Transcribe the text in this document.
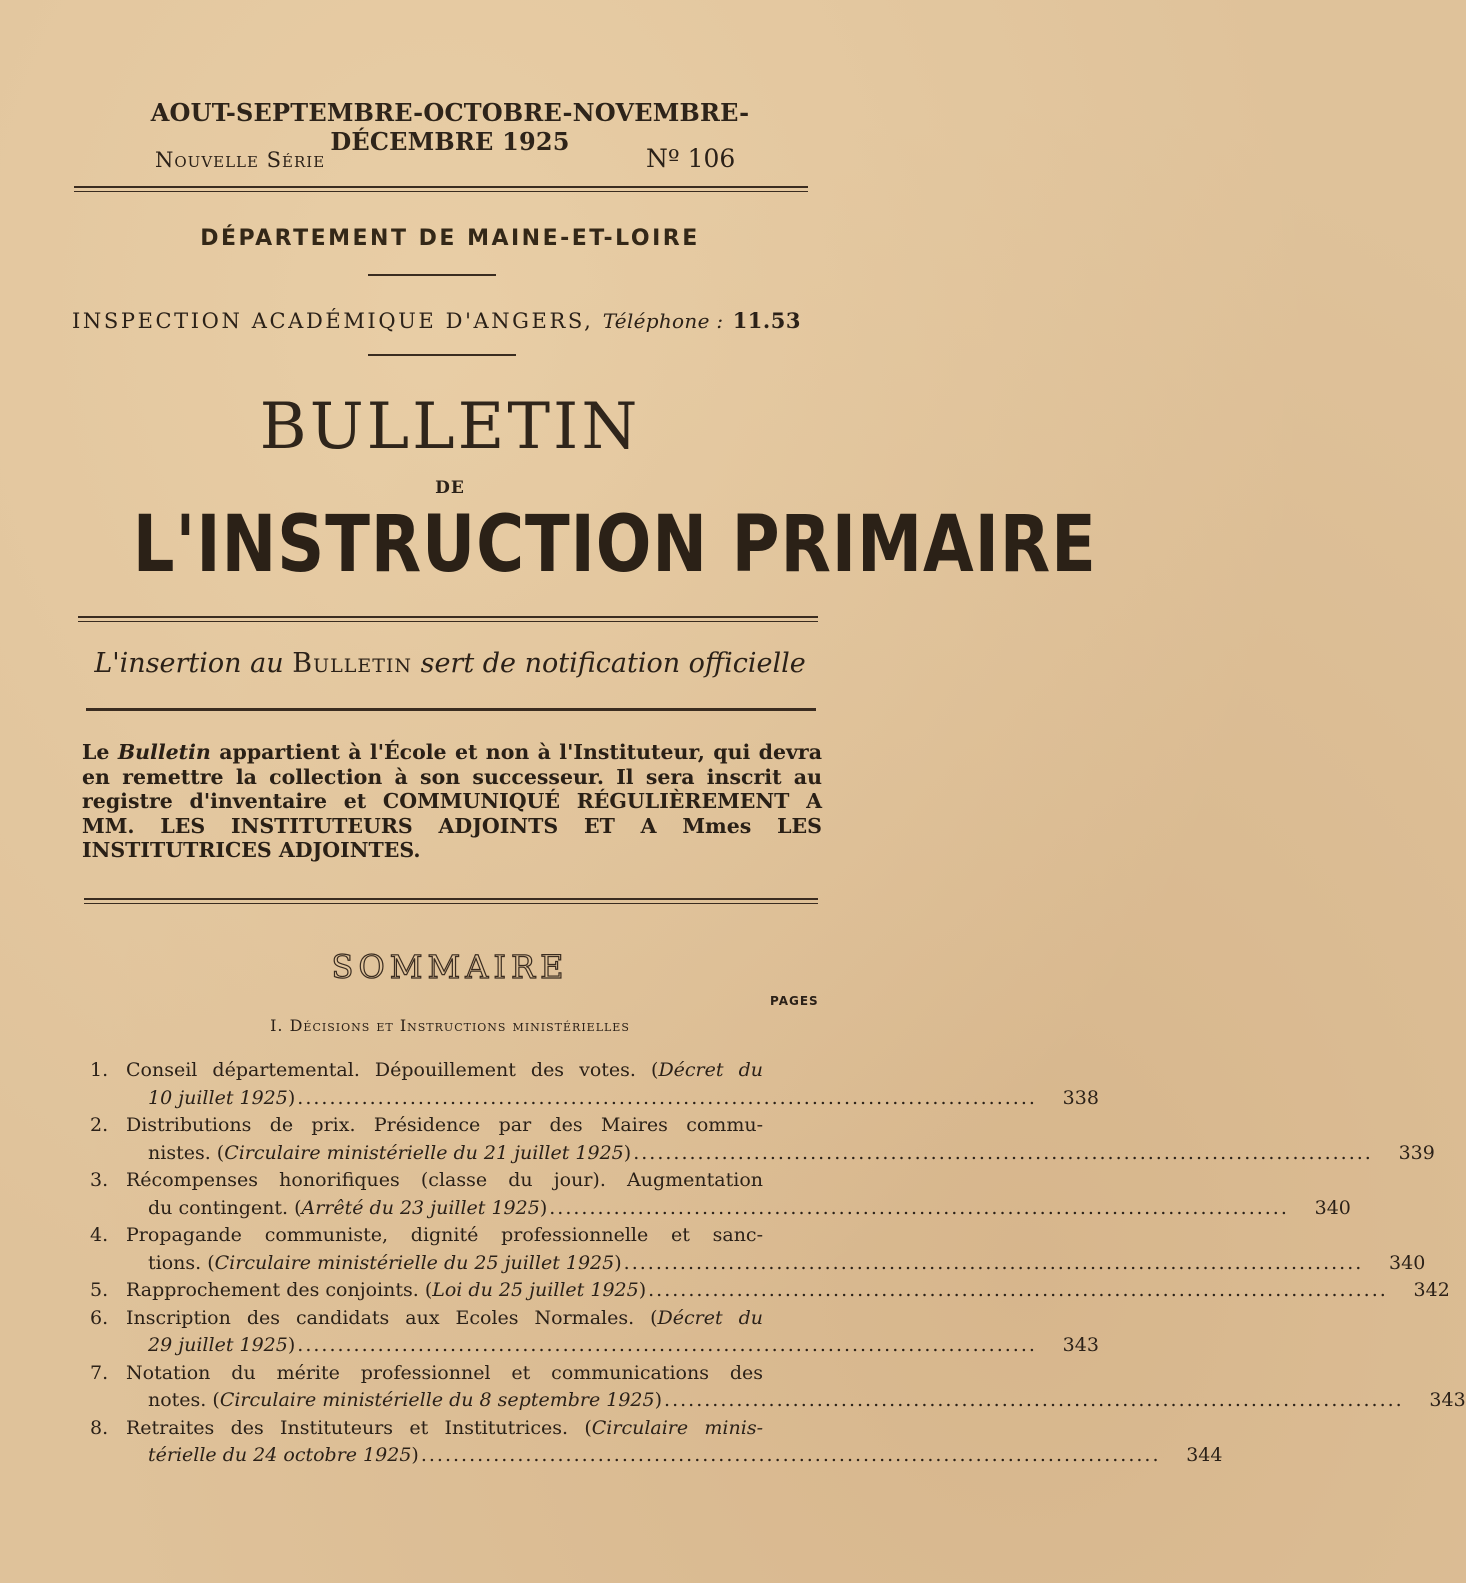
AOUT-SEPTEMBRE-OCTOBRE-NOVEMBRE-DÉCEMBRE 1925
Nouvelle Série	Nº 106
DÉPARTEMENT DE MAINE-ET-LOIRE
INSPECTION ACADÉMIQUE D'ANGERS, Téléphone : 11.53
BULLETIN
DE
L'INSTRUCTION PRIMAIRE
L'insertion au Bulletin sert de notification officielle
Le Bulletin appartient à l'École et non à l'Instituteur, qui devra en remettre la collection à son successeur. Il sera inscrit au registre d'inventaire et COMMUNIQUÉ RÉGULIÈREMENT A MM. LES INSTITUTEURS ADJOINTS ET A Mmes LES INSTITUTRICES ADJOINTES.
SOMMAIRE
PAGES
I. Décisions et Instructions ministérielles
1. Conseil départemental. Dépouillement des votes. (Décret du
10 juillet 1925) ............................................................................................	338
2. Distributions de prix. Présidence par des Maires commu-
nistes. (Circulaire ministérielle du 21 juillet 1925) ............................................................................................	339
3. Récompenses honorifiques (classe du jour). Augmentation
du contingent. (Arrêté du 23 juillet 1925) ............................................................................................	340
4. Propagande communiste, dignité professionnelle et sanc-
tions. (Circulaire ministérielle du 25 juillet 1925) ............................................................................................	340
5. Rapprochement des conjoints. (Loi du 25 juillet 1925) ............................................................................................	342
6. Inscription des candidats aux Ecoles Normales. (Décret du
29 juillet 1925) ............................................................................................	343
7. Notation du mérite professionnel et communications des
notes. (Circulaire ministérielle du 8 septembre 1925) ............................................................................................	343
8. Retraites des Instituteurs et Institutrices. (Circulaire minis-
térielle du 24 octobre 1925) ............................................................................................	344
